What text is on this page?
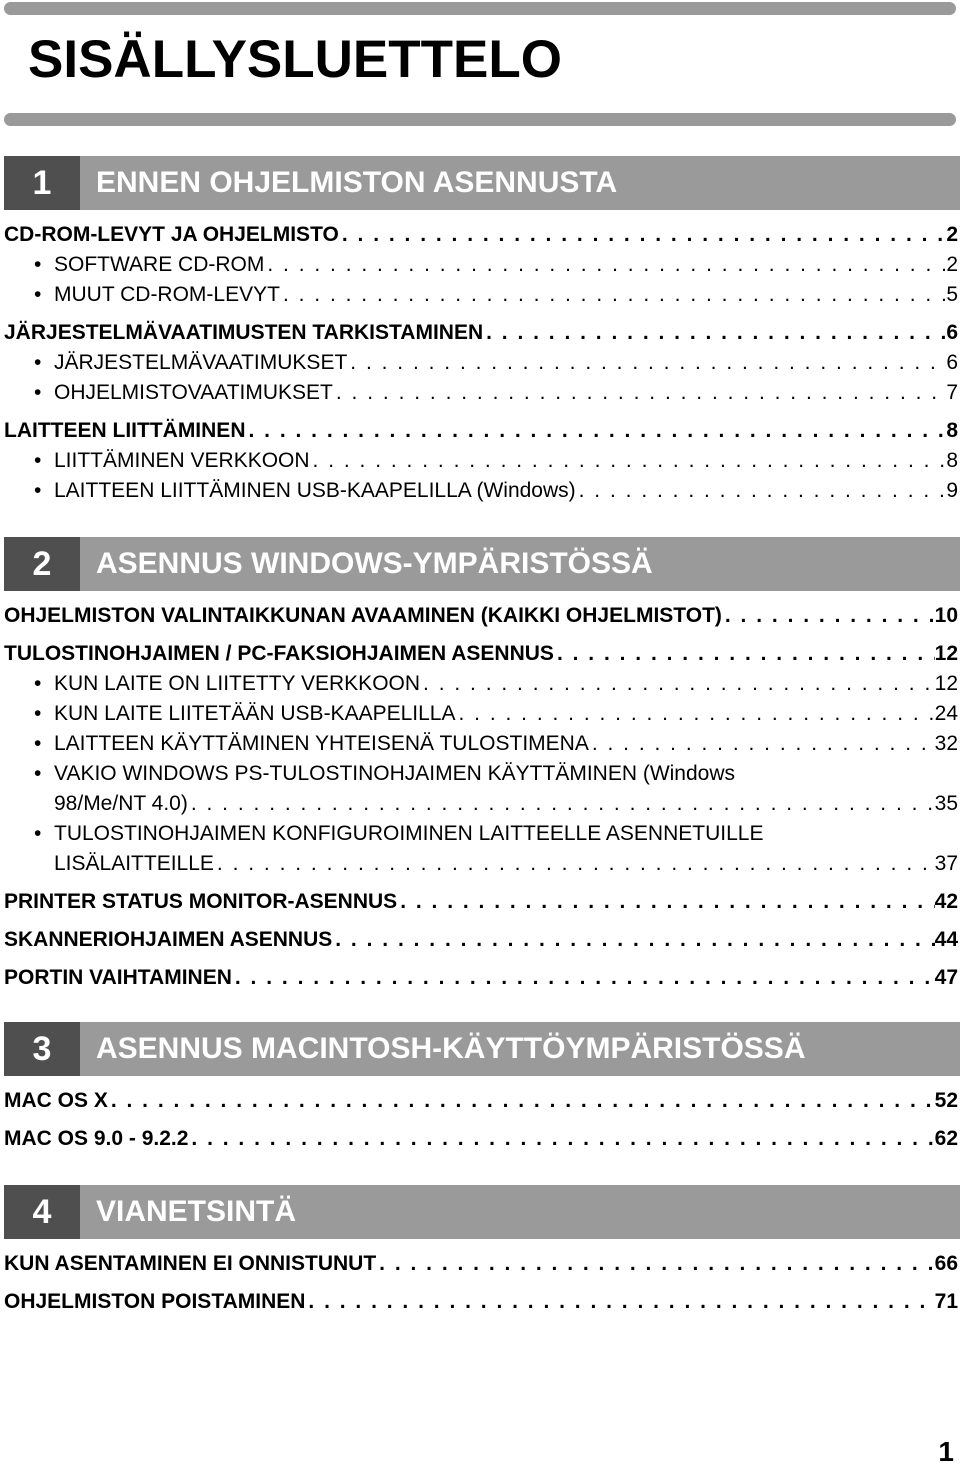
SISÄLLYSLUETTELO
1	ENNEN OHJELMISTON ASENNUSTA
CD-ROM-LEVYT JA OHJELMISTO . . .	2
• SOFTWARE CD-ROM . . .	2
• MUUT CD-ROM-LEVYT . . .	5
JÄRJESTELMÄVAATIMUSTEN TARKISTAMINEN . . .	6
• JÄRJESTELMÄVAATIMUKSET . . .	6
• OHJELMISTOVAATIMUKSET . . .	7
LAITTEEN LIITTÄMINEN . . .	8
• LIITTÄMINEN VERKKOON . . .	8
• LAITTEEN LIITTÄMINEN USB-KAAPELILLA (Windows) . . .	9
2	ASENNUS WINDOWS-YMPÄRISTÖSSÄ
OHJELMISTON VALINTAIKKUNAN AVAAMINEN (KAIKKI OHJELMISTOT) . . .	10
TULOSTINOHJAIMEN / PC-FAKSIOHJAIMEN ASENNUS . . .	12
• KUN LAITE ON LIITETTY VERKKOON . . .	12
• KUN LAITE LIITETÄÄN USB-KAAPELILLA . . .	24
• LAITTEEN KÄYTTÄMINEN YHTEISENÄ TULOSTIMENA . . .	32
• VAKIO WINDOWS PS-TULOSTINOHJAIMEN KÄYTTÄMINEN (Windows
98/Me/NT 4.0) . . .	35
• TULOSTINOHJAIMEN KONFIGUROIMINEN LAITTEELLE ASENNETUILLE
LISÄLAITTEILLE . . .	37
PRINTER STATUS MONITOR-ASENNUS . . .	42
SKANNERIOHJAIMEN ASENNUS . . .	44
PORTIN VAIHTAMINEN . . .	47
3	ASENNUS MACINTOSH-KÄYTTÖYMPÄRISTÖSSÄ
MAC OS X . . .	52
MAC OS 9.0 - 9.2.2 . . .	62
4	VIANETSINTÄ
KUN ASENTAMINEN EI ONNISTUNUT . . .	66
OHJELMISTON POISTAMINEN . . .	71
1
